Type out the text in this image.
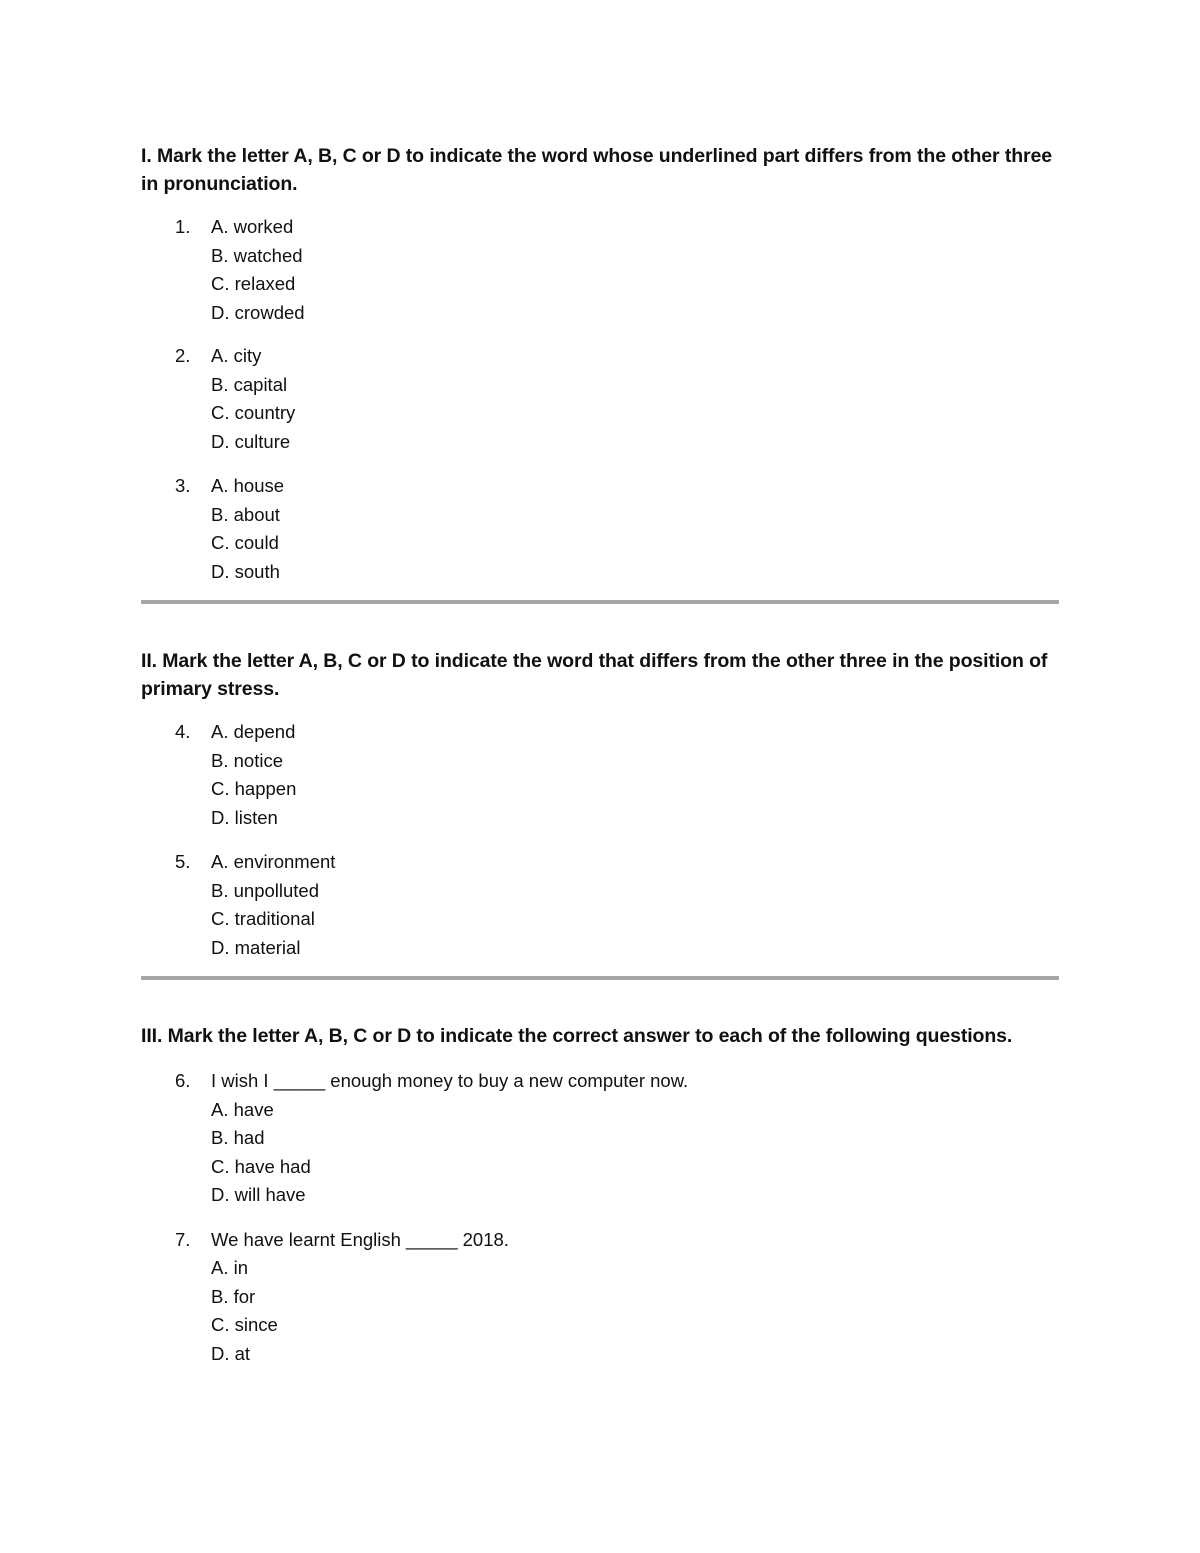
I. Mark the letter A, B, C or D to indicate the word whose underlined part differs from the other three in pronunciation.

1. A. worked
B. watched
C. relaxed
D. crowded
2. A. city
B. capital
C. country
D. culture
3. A. house
B. about
C. could
D. south

II. Mark the letter A, B, C or D to indicate the word that differs from the other three in the position of primary stress.

4. A. depend
B. notice
C. happen
D. listen
5. A. environment
B. unpolluted
C. traditional
D. material

III. Mark the letter A, B, C or D to indicate the correct answer to each of the following questions.

6. I wish I _____ enough money to buy a new computer now.
A. have
B. had
C. have had
D. will have
7. We have learnt English _____ 2018.
A. in
B. for
C. since
D. at
